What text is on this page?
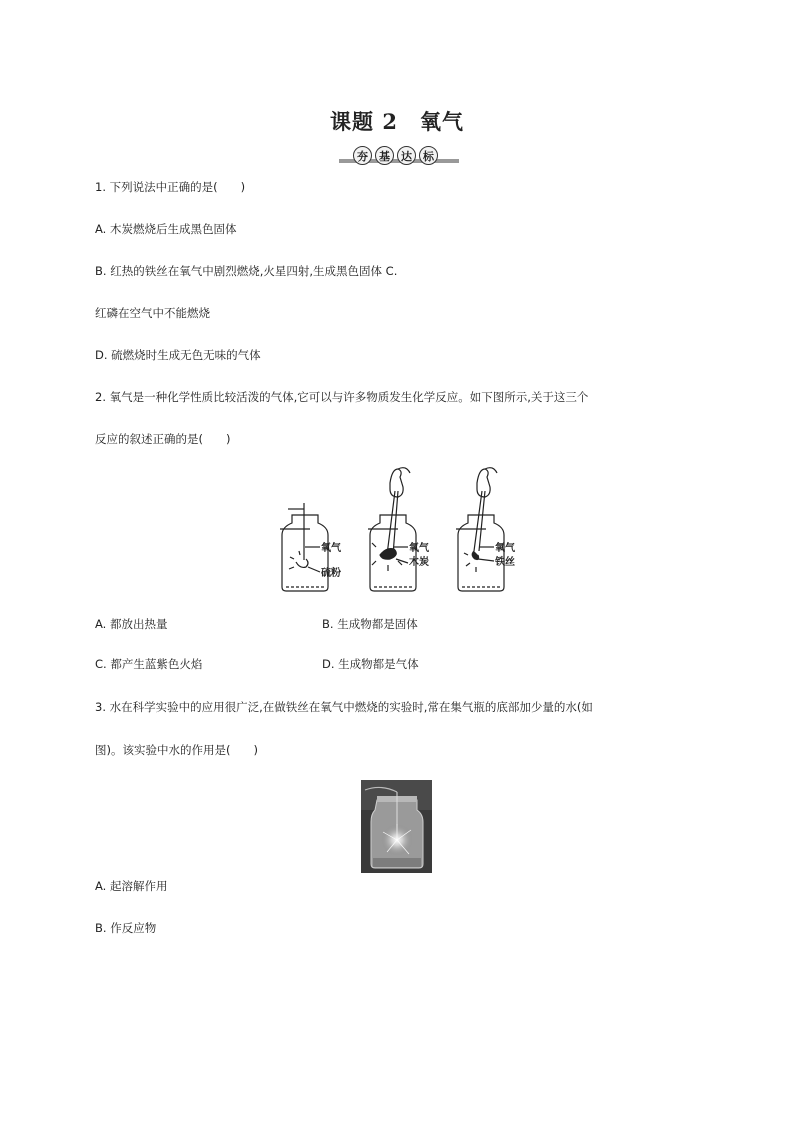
课题 2　氧气
夯	基	达	标
1. 下列说法中正确的是(　　)
A. 木炭燃烧后生成黑色固体
B. 红热的铁丝在氧气中剧烈燃烧,火星四射,生成黑色固体 C.
红磷在空气中不能燃烧
D. 硫燃烧时生成无色无味的气体
2. 氧气是一种化学性质比较活泼的气体,它可以与许多物质发生化学反应。如下图所示,关于这三个
反应的叙述正确的是(　　)
氧气
硫粉
氧气
木炭
氧气
铁丝
A. 都放出热量	B. 生成物都是固体
C. 都产生蓝紫色火焰	D. 生成物都是气体
3. 水在科学实验中的应用很广泛,在做铁丝在氧气中燃烧的实验时,常在集气瓶的底部加少量的水(如
图)。该实验中水的作用是(　　)
A. 起溶解作用
B. 作反应物
